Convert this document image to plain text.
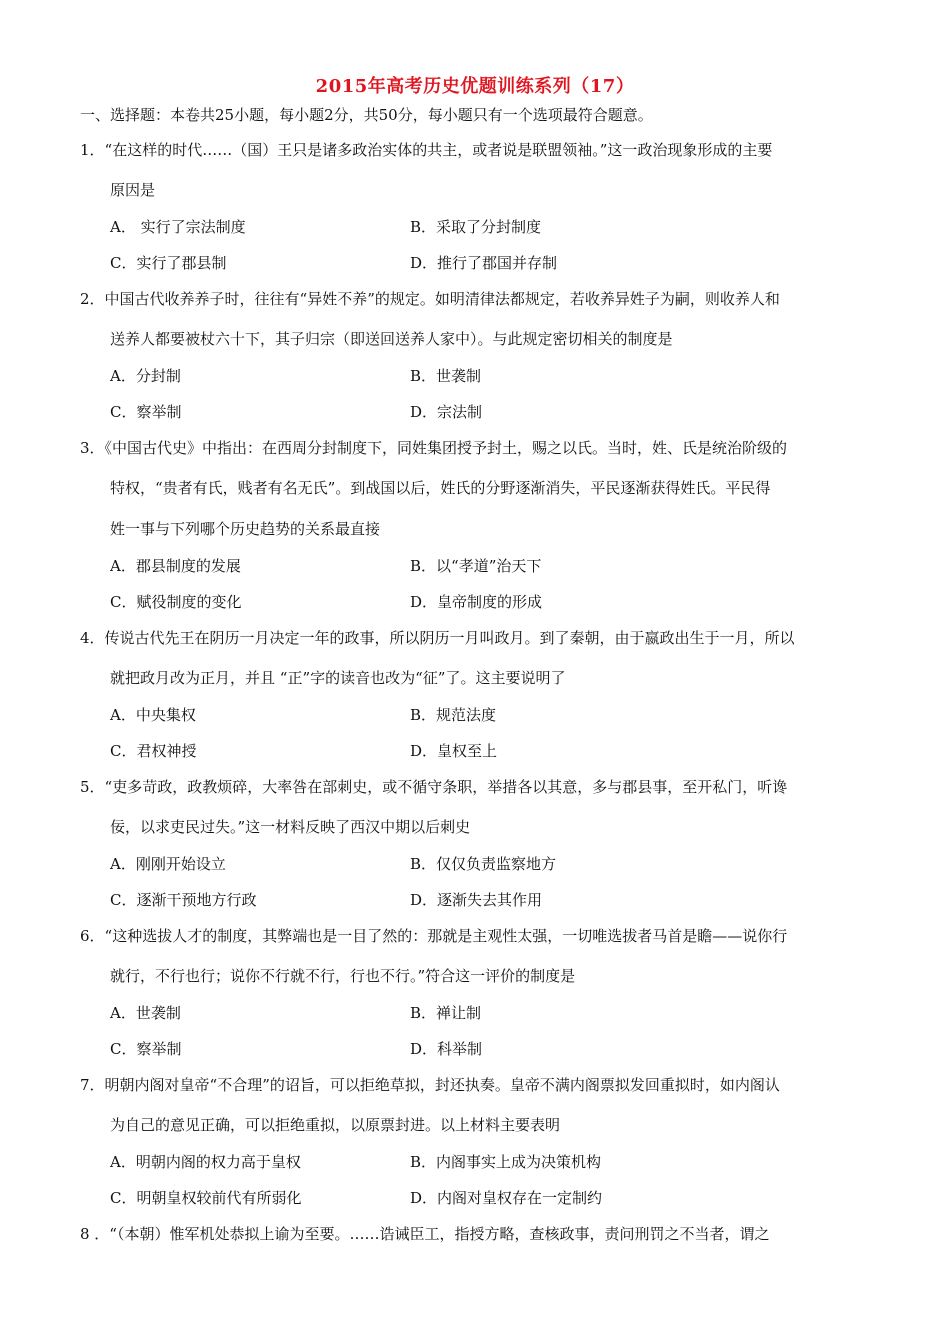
2015年高考历史优题训练系列（17）
一、选择题：本卷共25小题，每小题2分，共50分，每小题只有一个选项最符合题意。
1．“在这样的时代……（国）王只是诸多政治实体的共主，或者说是联盟领袖。”这一政治现象形成的主要
原因是
A． 实行了宗法制度	B．采取了分封制度
C．实行了郡县制	D．推行了郡国并存制
2．中国古代收养养子时，往往有“异姓不养”的规定。如明清律法都规定，若收养异姓子为嗣，则收养人和
送养人都要被杖六十下，其子归宗（即送回送养人家中）。与此规定密切相关的制度是
A．分封制	B．世袭制
C．察举制	D．宗法制
3．《中国古代史》中指出：在西周分封制度下，同姓集团授予封土，赐之以氏。当时，姓、氏是统治阶级的
特权，“贵者有氏，贱者有名无氏”。到战国以后，姓氏的分野逐渐消失，平民逐渐获得姓氏。平民得
姓一事与下列哪个历史趋势的关系最直接
A．郡县制度的发展	B．以“孝道”治天下
C．赋役制度的变化	D．皇帝制度的形成
4．传说古代先王在阴历一月决定一年的政事，所以阴历一月叫政月。到了秦朝，由于嬴政出生于一月，所以
就把政月改为正月，并且 “正”字的读音也改为“征”了。这主要说明了
A．中央集权	B．规范法度
C．君权神授	D．皇权至上
5．“吏多苛政，政教烦碎，大率咎在部刺史，或不循守条职，举措各以其意，多与郡县事，至开私门，听谗
佞，以求吏民过失。”这一材料反映了西汉中期以后刺史
A．刚刚开始设立	B．仅仅负责监察地方
C．逐渐干预地方行政	D．逐渐失去其作用
6．“这种选拔人才的制度，其弊端也是一目了然的：那就是主观性太强，一切唯选拔者马首是瞻——说你行
就行，不行也行；说你不行就不行，行也不行。”符合这一评价的制度是
A．世袭制	B．禅让制
C．察举制	D．科举制
7．明朝内阁对皇帝“不合理”的诏旨，可以拒绝草拟，封还执奏。皇帝不满内阁票拟发回重拟时，如内阁认
为自己的意见正确，可以拒绝重拟，以原票封进。以上材料主要表明
A．明朝内阁的权力高于皇权	B．内阁事实上成为决策机构
C．明朝皇权较前代有所弱化	D．内阁对皇权存在一定制约
8 ．“（本朝）惟军机处恭拟上谕为至要。……诰诫臣工，指授方略，查核政事，责问刑罚之不当者，谓之
